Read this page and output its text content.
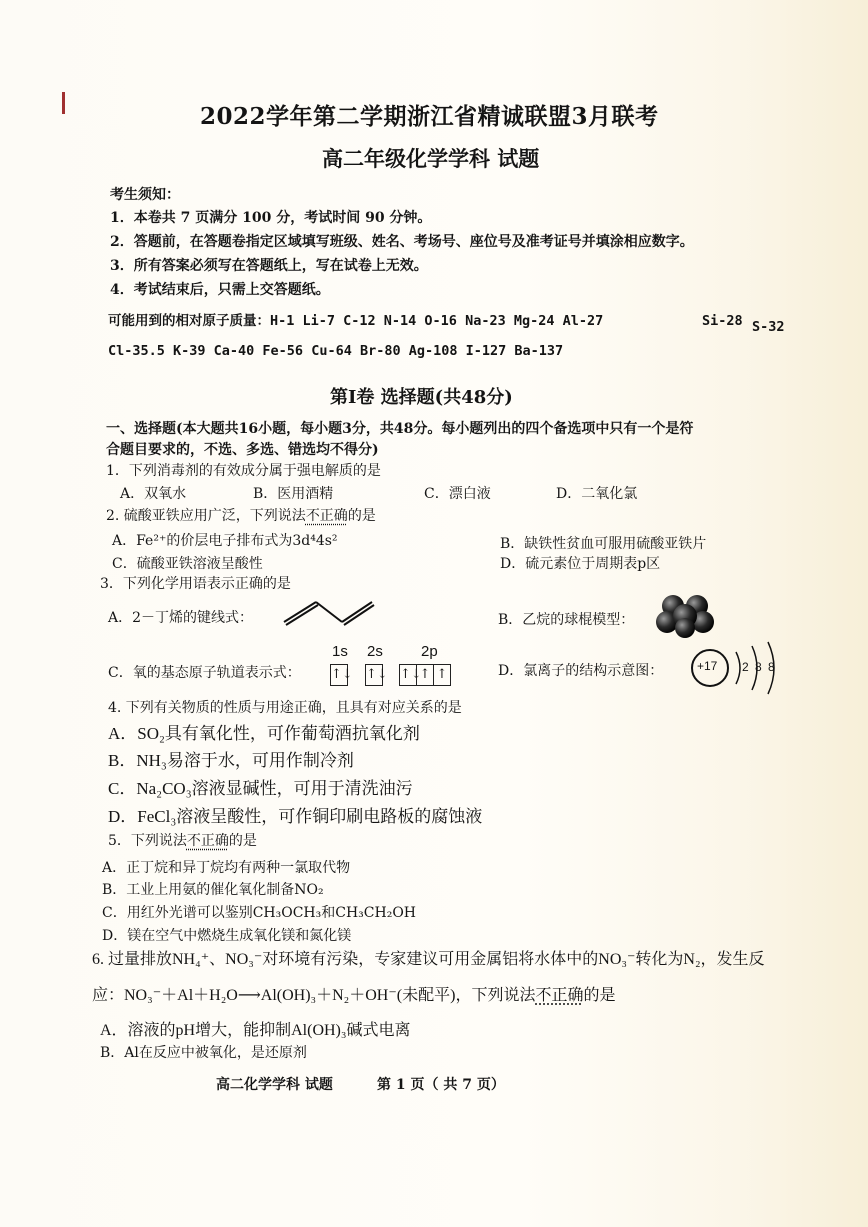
2022学年第二学期浙江省精诚联盟3月联考
高二年级化学学科 试题
考生须知：
1．本卷共 7 页满分 100 分，考试时间 90 分钟。
2．答题前，在答题卷指定区域填写班级、姓名、考场号、座位号及准考证号并填涂相应数字。
3．所有答案必须写在答题纸上，写在试卷上无效。
4．考试结束后，只需上交答题纸。
可能用到的相对原子质量：H-1 Li-7 C-12 N-14 O-16 Na-23 Mg-24 Al-27	Si-28 S-32
Cl-35.5 K-39 Ca-40 Fe-56 Cu-64 Br-80 Ag-108 I-127 Ba-137
第Ⅰ卷 选择题(共48分)
一、选择题(本大题共16小题，每小题3分，共48分。每小题列出的四个备选项中只有一个是符
合题目要求的，不选、多选、错选均不得分)
1．下列消毒剂的有效成分属于强电解质的是
A．双氧水	B．医用酒精	C．漂白液	D．二氧化氯
2. 硫酸亚铁应用广泛，下列说法不正确的是
A．Fe²⁺的价层电子排布式为3d⁴4s²	B．缺铁性贫血可服用硫酸亚铁片
C．硫酸亚铁溶液呈酸性	D．硫元素位于周期表p区
3．下列化学用语表示正确的是
A．2－丁烯的键线式：	B．乙烷的球棍模型：
1s 2s	2p
C．氧的基态原子轨道表示式： ↑↓ ↑↓ ↑↓↑ ↑	D．氯离子的结构示意图：	+17 2 8 8
4. 下列有关物质的性质与用途正确，且具有对应关系的是
A．SO₂具有氧化性，可作葡萄酒抗氧化剂
B．NH₃易溶于水，可用作制冷剂
C．Na₂CO₃溶液显碱性，可用于清洗油污
D．FeCl₃溶液呈酸性，可作铜印刷电路板的腐蚀液
5．下列说法不正确的是
A．正丁烷和异丁烷均有两种一氯取代物
B．工业上用氨的催化氧化制备NO₂
C．用红外光谱可以鉴别CH₃OCH₃和CH₃CH₂OH
D．镁在空气中燃烧生成氧化镁和氮化镁
6. 过量排放NH₄⁺、NO₃⁻对环境有污染，专家建议可用金属铝将水体中的NO₃⁻转化为N₂，发生反
应：NO₃⁻＋Al＋H₂O⟶Al(OH)₃＋N₂＋OH⁻(未配平)，下列说法不正确的是
A．溶液的pH增大，能抑制Al(OH)₃碱式电离
B．Al在反应中被氧化，是还原剂
高二化学学科 试题	第 1 页（ 共 7 页）
